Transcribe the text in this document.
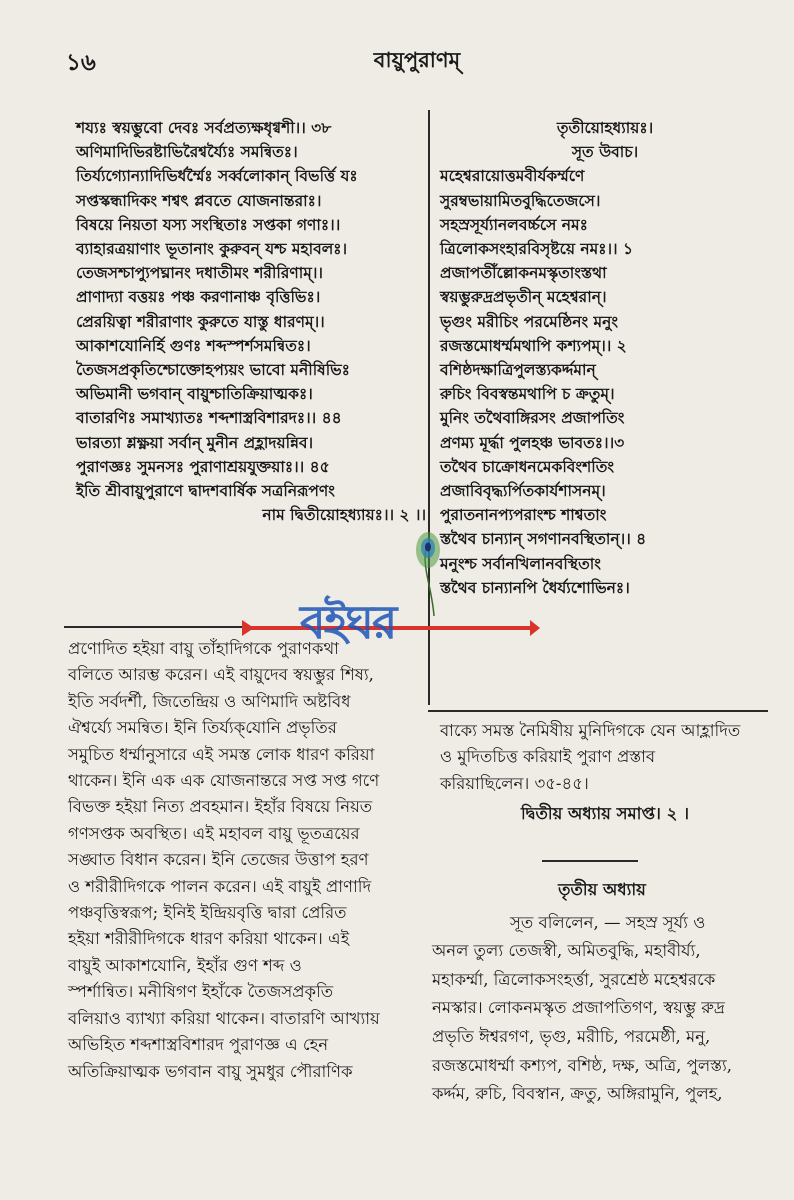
১৬	বায়ুপুরাণম্
শয্যঃ স্বয়ম্ভুবো দেবঃ সর্বপ্রত্যক্ষধৃগ্বশী।। ৩৮
অণিমাদিভিরষ্টাভিরৈশ্বর্য্যৈঃ সমন্বিতঃ।
তির্য্যগ্যোন্যাদিভির্ধর্ম্মৈঃ সর্ব্বলোকান্ বিভর্ত্তি যঃ
সপ্তস্কন্ধাদিকং শশ্বৎ প্লবতে যোজনান্তরাঃ।
বিষয়ে নিয়তা যস্য সংস্থিতাঃ সপ্তকা গণাঃ।।
ব্যাহারত্রয়াণাং ভূতানাং কুরুবন্ যশ্চ মহাবলঃ।
তেজসশ্চাপ্যুপঘ্নানং দধাতীমং শরীরিণাম্।।
প্রাণাদ্যা বত্তয়ঃ পঞ্চ করণানাঞ্চ বৃত্তিভিঃ।
প্রেরয়িত্বা শরীরাণাং কুরুতে যাস্তু ধারণম্।।
আকাশযোনির্হি গুণঃ শব্দস্পর্শসমন্বিতঃ।
তৈজসপ্রকৃতিশ্চোক্তোহপ্যয়ং ভাবো মনীষিভিঃ
অভিমানী ভগবান্ বায়ুশ্চাতিক্রিয়াত্মকঃ।
বাতারণিঃ সমাখ্যাতঃ শব্দশাস্ত্রবিশারদঃ।। ৪৪
ভারত্যা শ্লক্ষ্ণয়া সর্বান্ মুনীন প্রহ্লাদয়ন্নিব।
পুরাণজ্ঞঃ সুমনসঃ পুরাণাশ্রয়যুক্তয়াঃ।। ৪৫
ইতি শ্রীবায়ুপুরাণে দ্বাদশবার্ষিক সত্রনিরূপণং
নাম দ্বিতীয়োহধ্যায়ঃ।। ২ ।।
তৃতীয়োহধ্যায়ঃ।
সূত উবাচ।
মহেশ্বরায়োত্তমবীর্যকর্ম্মণে
সুরম্বভায়ামিতবুদ্ধিতেজসে।
সহস্রসূর্য্যানলবর্চ্চসে নমঃ
ত্রিলোকসংহারবিসৃষ্টয়ে নমঃ।। ১
প্রজাপতীঁল্লোকনমস্কৃতাংস্তথা
স্বয়ম্ভুরুদ্রপ্রভৃতীন্ মহেশ্বরান্।
ভৃগুং মরীচিং পরমেষ্ঠিনং মনুং
রজস্তমোধর্ম্মমথাপি কশ্যপম্।। ২
বশিষ্ঠদক্ষাত্রিপুলস্ত্যকর্দ্দমান্
রুচিং বিবস্বন্তমথাপি চ ক্রতুম্।
মুনিং তথৈবাঙ্গিরসং প্রজাপতিং
প্রণম্য মূর্দ্ধা পুলহঞ্চ ভাবতঃ।।৩
তথৈব চাক্রোধনমেকবিংশতিং
প্রজাবিবৃদ্ধ্যর্পিতকার্যশাসনম্।
পুরাতনানপ্যপরাংশ্চ শাশ্বতাং
স্তথৈব চান্যান্ সগণানবস্থিতান্।। ৪
মনুংশ্চ সর্বানখিলানবস্থিতাং
স্তথৈব চান্যানপি ধৈর্য্যশোভিনঃ।
প্রণোদিত হইয়া বায়ু তাঁহাদিগকে পুরাণকথা
বলিতে আরম্ভ করেন। এই বায়ুদেব স্বয়ম্ভুর শিষ্য,
ইতি সর্বদর্শী, জিতেন্দ্রিয় ও অণিমাদি অষ্টবিধ
ঐশ্বর্য্যে সমন্বিত। ইনি তির্য্যক্‌যোনি প্রভৃতির
সমুচিত ধর্ম্মানুসারে এই সমস্ত লোক ধারণ করিয়া
থাকেন। ইনি এক এক যোজনান্তরে সপ্ত সপ্ত গণে
বিভক্ত হইয়া নিত্য প্রবহমান। ইহাঁর বিষয়ে নিয়ত
গণসপ্তক অবস্থিত। এই মহাবল বায়ু ভূতত্রয়ের
সঙ্ঘাত বিধান করেন। ইনি তেজের উত্তাপ হরণ
ও শরীরীদিগকে পালন করেন। এই বায়ুই প্রাণাদি
পঞ্চবৃত্তিস্বরূপ; ইনিই ইন্দ্রিয়বৃত্তি দ্বারা প্রেরিত
হইয়া শরীরীদিগকে ধারণ করিয়া থাকেন। এই
বায়ুই আকাশযোনি, ইহাঁর গুণ শব্দ ও
স্পর্শান্বিত। মনীষিগণ ইহাঁকে তৈজসপ্রকৃতি
বলিয়াও ব্যাখ্যা করিয়া থাকেন। বাতারণি আখ্যায়
অভিহিত শব্দশাস্ত্রবিশারদ পুরাণজ্ঞ এ হেন
অতিক্রিয়াত্মক ভগবান বায়ু সুমধুর পৌরাণিক
বাক্যে সমস্ত নৈমিষীয় মুনিদিগকে যেন আহ্লাদিত
ও মুদিতচিত্ত করিয়াই পুরাণ প্রস্তাব
করিয়াছিলেন। ৩৫-৪৫।
দ্বিতীয় অধ্যায় সমাপ্ত। ২ ।
তৃতীয় অধ্যায়
সূত বলিলেন, — সহস্র সূর্য্য ও
অনল তুল্য তেজস্বী, অমিতবুদ্ধি, মহাবীর্য্য,
মহাকর্ম্মা, ত্রিলোকসংহর্ত্তা, সুরশ্রেষ্ঠ মহেশ্বরকে
নমস্কার। লোকনমস্কৃত প্রজাপতিগণ, স্বয়ম্ভু রুদ্র
প্রভৃতি ঈশ্বরগণ, ভৃগু, মরীচি, পরমেষ্ঠী, মনু,
রজস্তমোধর্ম্মা কশ্যপ, বশিষ্ঠ, দক্ষ, অত্রি, পুলস্ত্য,
কর্দ্দম, রুচি, বিবস্বান, ক্রতু, অঙ্গিরামুনি, পুলহ,
বইঘর
